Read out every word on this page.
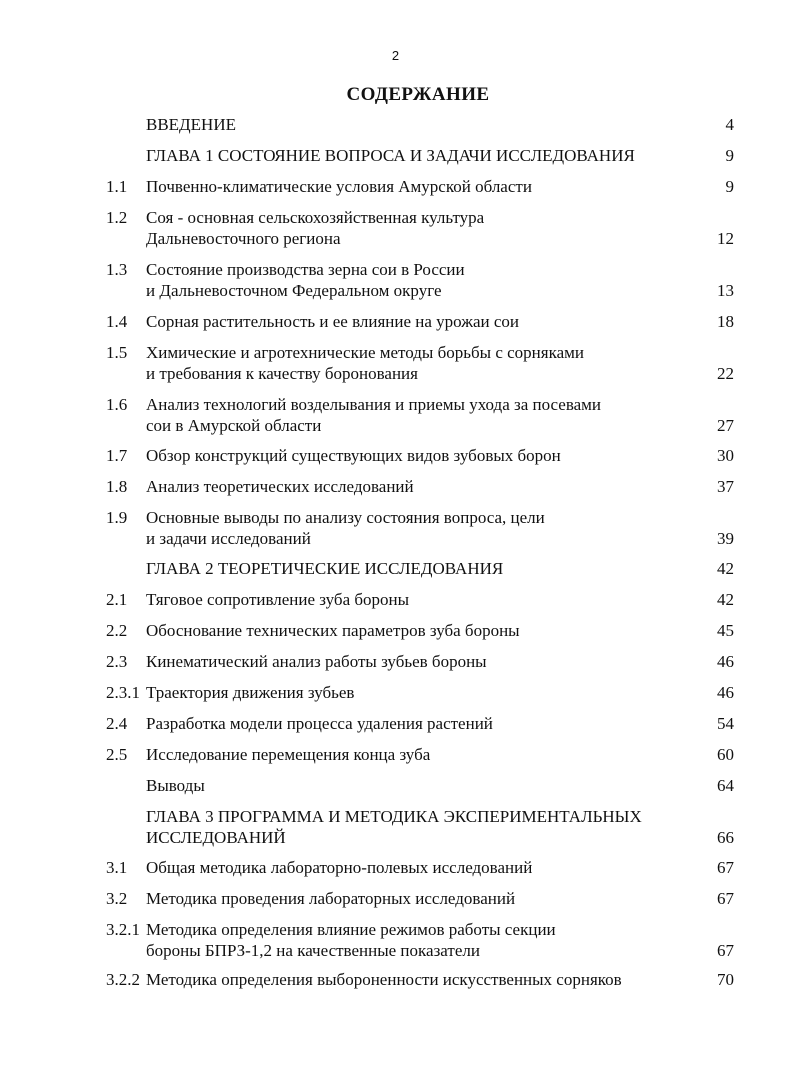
2
СОДЕРЖАНИЕ
ВВЕДЕНИЕ	4
ГЛАВА 1 СОСТОЯНИЕ ВОПРОСА И ЗАДАЧИ ИССЛЕДОВАНИЯ	9
1.1 Почвенно-климатические условия Амурской области	9
1.2 Соя - основная сельскохозяйственная культура
Дальневосточного региона	12
1.3 Состояние производства зерна сои в России
и Дальневосточном Федеральном округе	13
1.4 Сорная растительность и ее влияние на урожаи сои	18
1.5 Химические и агротехнические методы борьбы с сорняками
и требования к качеству боронования	22
1.6 Анализ технологий возделывания и приемы ухода за посевами
сои в Амурской области	27
1.7 Обзор конструкций существующих видов зубовых борон	30
1.8 Анализ теоретических исследований	37
1.9 Основные выводы по анализу состояния вопроса, цели
и задачи исследований	39
ГЛАВА 2 ТЕОРЕТИЧЕСКИЕ ИССЛЕДОВАНИЯ	42
2.1 Тяговое сопротивление зуба бороны	42
2.2 Обоснование технических параметров зуба бороны	45
2.3 Кинематический анализ работы зубьев бороны	46
2.3.1 Траектория движения зубьев	46
2.4 Разработка модели процесса удаления растений	54
2.5 Исследование перемещения конца зуба	60
Выводы	64
ГЛАВА 3 ПРОГРАММА И МЕТОДИКА ЭКСПЕРИМЕНТАЛЬНЫХ
ИССЛЕДОВАНИЙ	66
3.1 Общая методика лабораторно-полевых исследований	67
3.2 Методика проведения лабораторных исследований	67
3.2.1 Методика определения влияние режимов работы секции
бороны БПРЗ-1,2 на качественные показатели	67
3.2.2 Методика определения выбороненности искусственных сорняков	70
